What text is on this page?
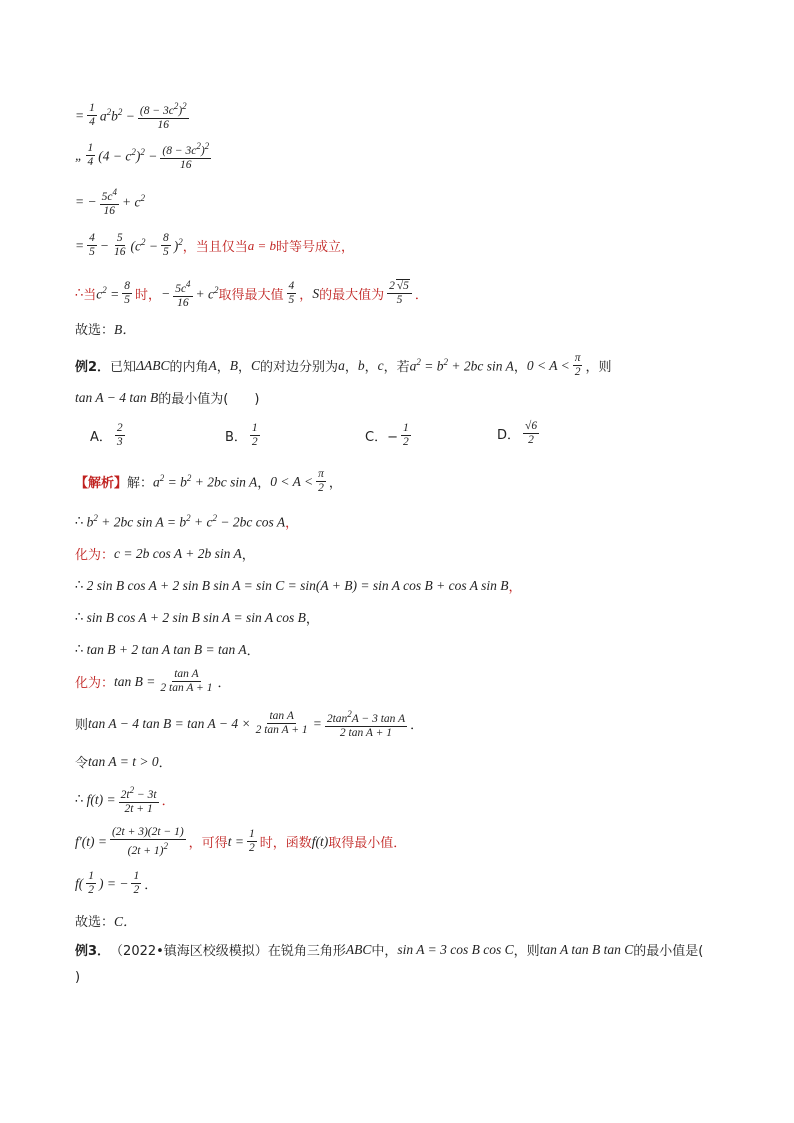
= $\frac{1}{4} a^2b^2 - \frac{(8 - 3c^2)^2}{16}$
„ $\frac{1}{4} (4 - c^2)^2 - \frac{(8 - 3c^2)^2}{16}$
= − $\frac{5c^4}{16} + c^2$
= $\frac{4}{5} - \frac{5}{16} (c^2 - \frac{8}{5} )^2$ ，当且仅当 a = b 时等号成立，
∴ 当 $c^2 = \frac{8}{5}$ 时， − $\frac{5c^4}{16} + c^2$ 取得最大值 $\frac{4}{5}$ ， S 的最大值为 $\frac{2 √5}{5}$ ．
故选： B．
例2． 已知 ΔABC 的内角 A ， B ， C 的对边分别为 a ， b ， c ，若 $a^2 = b^2 + 2bc$ sin A ， $0 < A < \frac{\pi}{2}$ ，则
tan A − 4 tan B 的最小值为(　　)
A． $\frac{2}{3}$	B． $\frac{1}{2}$	C．− $\frac{1}{2}$	D． $\frac{√6}{2}$
【解析】 解： $a^2 = b^2 + 2bc$ sin A ， $0 < A < \frac{\pi}{2}$ ，
∴ $b^2 + 2bc$ $\sin A = b^2 + c^2 - 2bc$ cos A ，
化为： c = 2b cos A + 2b sin A ，
∴ 2 sin B cos A + 2 sin B sin A = sin C = sin(A + B) = sin A cos B + cos A sin B ，
∴ sin B cos A + 2 sin B sin A = sin A cos B ，
∴ tan B + 2 tan A tan B = tan A ．
化为： $\tan B = \frac{\text{tan A}}{\text{2 tan A + 1}}$ ．
则 tan A − 4 $\tan B = \tan A - 4 \times \frac{\text{tan A}}{\text{2 tan A + 1}} = \frac{2\tan^2A - 3 \tan A}{\text{2 tan A + 1}}$ ．
令 tan A = t > 0 ．
∴ $f(t) = \frac{2t^2 - 3t}{2t + 1}$ ．
$f'(t) = \frac{(2t + 3)(2t - 1)}{(2t + 1)^2}$ ，可得 $t = \frac{1}{2}$ 时，函数 f(t) 取得最小值．
$f( \frac{1}{2}$ ) = − $\frac{1}{2}$ ．
故选： C．
例3． （2022•镇海区校级模拟） 在锐角三角形 ABC 中， sin A = 3 cos B cos C ，则 tan A tan B tan C 的最小值是(
)
